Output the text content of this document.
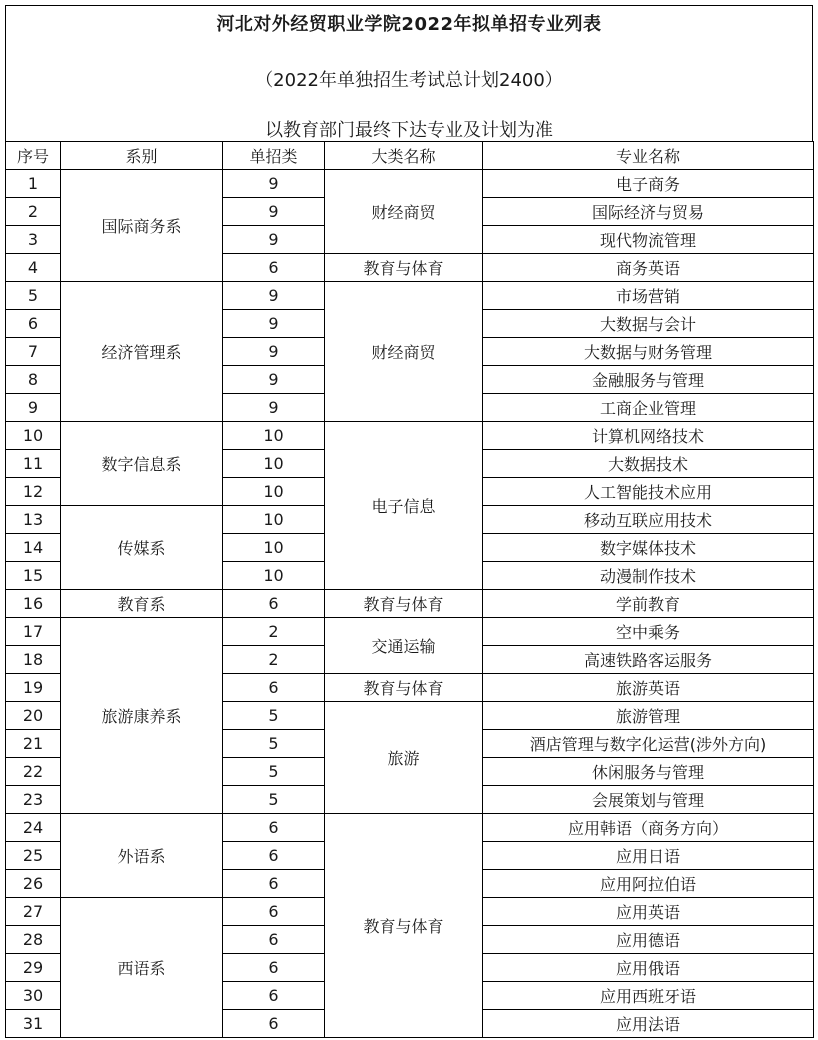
河北对外经贸职业学院2022年拟单招专业列表
（2022年单独招生考试总计划2400）
以教育部门最终下达专业及计划为准
序号	系别	单招类	大类名称	专业名称
1	国际商务系	9	财经商贸	电子商务
2		9		国际经济与贸易
3		9		现代物流管理
4		6	教育与体育	商务英语
5	经济管理系	9	财经商贸	市场营销
6		9		大数据与会计
7		9		大数据与财务管理
8		9		金融服务与管理
9		9		工商企业管理
10	数字信息系	10	电子信息	计算机网络技术
11		10		大数据技术
12		10		人工智能技术应用
13	传媒系	10		移动互联应用技术
14		10		数字媒体技术
15		10		动漫制作技术
16	教育系	6	教育与体育	学前教育
17	旅游康养系	2	交通运输	空中乘务
18		2		高速铁路客运服务
19		6	教育与体育	旅游英语
20		5	旅游	旅游管理
21		5		酒店管理与数字化运营(涉外方向)
22		5		休闲服务与管理
23		5		会展策划与管理
24	外语系	6	教育与体育	应用韩语（商务方向）
25		6		应用日语
26		6		应用阿拉伯语
27	西语系	6		应用英语
28		6		应用德语
29		6		应用俄语
30		6		应用西班牙语
31		6		应用法语
